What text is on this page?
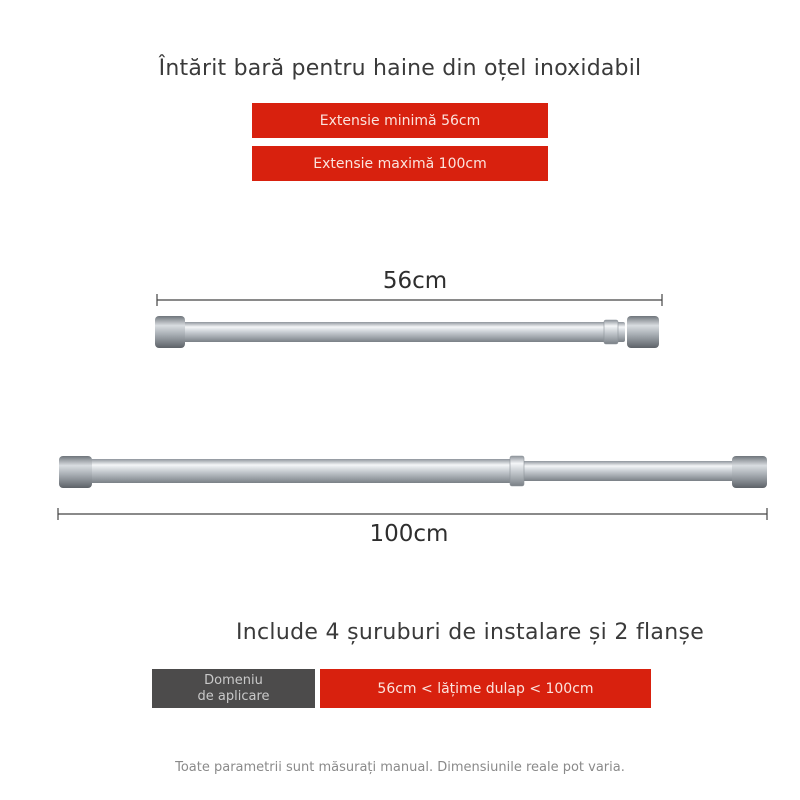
Întărit bară pentru haine din oțel inoxidabil
Extensie minimă 56cm
Extensie maximă 100cm
56cm
100cm
Include 4 șuruburi de instalare și 2 flanșe
Domeniu
de aplicare	56cm < lățime dulap < 100cm
Toate parametrii sunt măsurați manual. Dimensiunile reale pot varia.
